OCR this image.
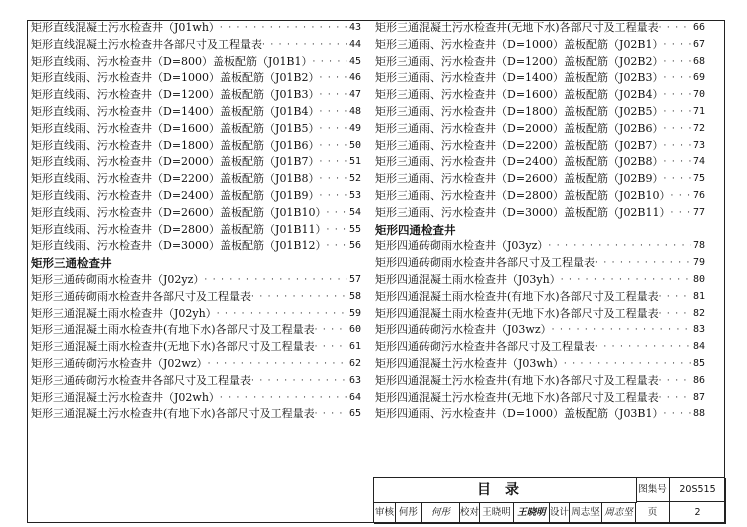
矩形直线混凝土污水检查井（J01wh） · · ·	43
矩形直线混凝土污水检查井各部尺寸及工程量表 · · ·	44
矩形直线雨、污水检查井（D=800）盖板配筋（J01B1） · · ·	45
矩形直线雨、污水检查井（D=1000）盖板配筋（J01B2） · · ·	46
矩形直线雨、污水检查井（D=1200）盖板配筋（J01B3） · · ·	47
矩形直线雨、污水检查井（D=1400）盖板配筋（J01B4） · · ·	48
矩形直线雨、污水检查井（D=1600）盖板配筋（J01B5） · · ·	49
矩形直线雨、污水检查井（D=1800）盖板配筋（J01B6） · · ·	50
矩形直线雨、污水检查井（D=2000）盖板配筋（J01B7） · · ·	51
矩形直线雨、污水检查井（D=2200）盖板配筋（J01B8） · · ·	52
矩形直线雨、污水检查井（D=2400）盖板配筋（J01B9） · · ·	53
矩形直线雨、污水检查井（D=2600）盖板配筋（J01B10） · · · 54
矩形直线雨、污水检查井（D=2800）盖板配筋（J01B11） · · · 55
矩形直线雨、污水检查井（D=3000）盖板配筋（J01B12） · · · 56
矩形三通检查井
矩形三通砖砌雨水检查井（J02yz） · · ·	57
矩形三通砖砌雨水检查井各部尺寸及工程量表 · · ·	58
矩形三通混凝土雨水检查井（J02yh） · · ·	59
矩形三通混凝土雨水检查井(有地下水)各部尺寸及工程量表 · · ·	60
矩形三通混凝土雨水检查井(无地下水)各部尺寸及工程量表 · · ·	61
矩形三通砖砌污水检查井（J02wz） · · ·	62
矩形三通砖砌污水检查井各部尺寸及工程量表 · · ·	63
矩形三通混凝土污水检查井（J02wh） · · ·	64
矩形三通混凝土污水检查井(有地下水)各部尺寸及工程量表 · · ·	65
矩形三通混凝土污水检查井(无地下水)各部尺寸及工程量表 · · ·	66
矩形三通雨、污水检查井（D=1000）盖板配筋（J02B1） · · ·	67
矩形三通雨、污水检查井（D=1200）盖板配筋（J02B2） · · ·	68
矩形三通雨、污水检查井（D=1400）盖板配筋（J02B3） · · ·	69
矩形三通雨、污水检查井（D=1600）盖板配筋（J02B4） · · ·	70
矩形三通雨、污水检查井（D=1800）盖板配筋（J02B5） · · ·	71
矩形三通雨、污水检查井（D=2000）盖板配筋（J02B6） · · ·	72
矩形三通雨、污水检查井（D=2200）盖板配筋（J02B7） · · ·	73
矩形三通雨、污水检查井（D=2400）盖板配筋（J02B8） · · ·	74
矩形三通雨、污水检查井（D=2600）盖板配筋（J02B9） · · ·	75
矩形三通雨、污水检查井（D=2800）盖板配筋（J02B10） · · · 76
矩形三通雨、污水检查井（D=3000）盖板配筋（J02B11） · · · 77
矩形四通检查井
矩形四通砖砌雨水检查井（J03yz） · · ·	78
矩形四通砖砌雨水检查井各部尺寸及工程量表 · · ·	79
矩形四通混凝土雨水检查井（J03yh） · · ·	80
矩形四通混凝土雨水检查井(有地下水)各部尺寸及工程量表 · · ·	81
矩形四通混凝土雨水检查井(无地下水)各部尺寸及工程量表 · · ·	82
矩形四通砖砌污水检查井（J03wz） · · ·	83
矩形四通砖砌污水检查井各部尺寸及工程量表 · · ·	84
矩形四通混凝土污水检查井（J03wh） · · ·	85
矩形四通混凝土污水检查井(有地下水)各部尺寸及工程量表 · · ·	86
矩形四通混凝土污水检查井(无地下水)各部尺寸及工程量表 · · ·	87
矩形四通雨、污水检查井（D=1000）盖板配筋（J03B1） · · ·	88
目录	图集号	20S515
审核 何彤	何彤	校对 王晓明 王晓明 设计 周志坚 周志坚	页	2
